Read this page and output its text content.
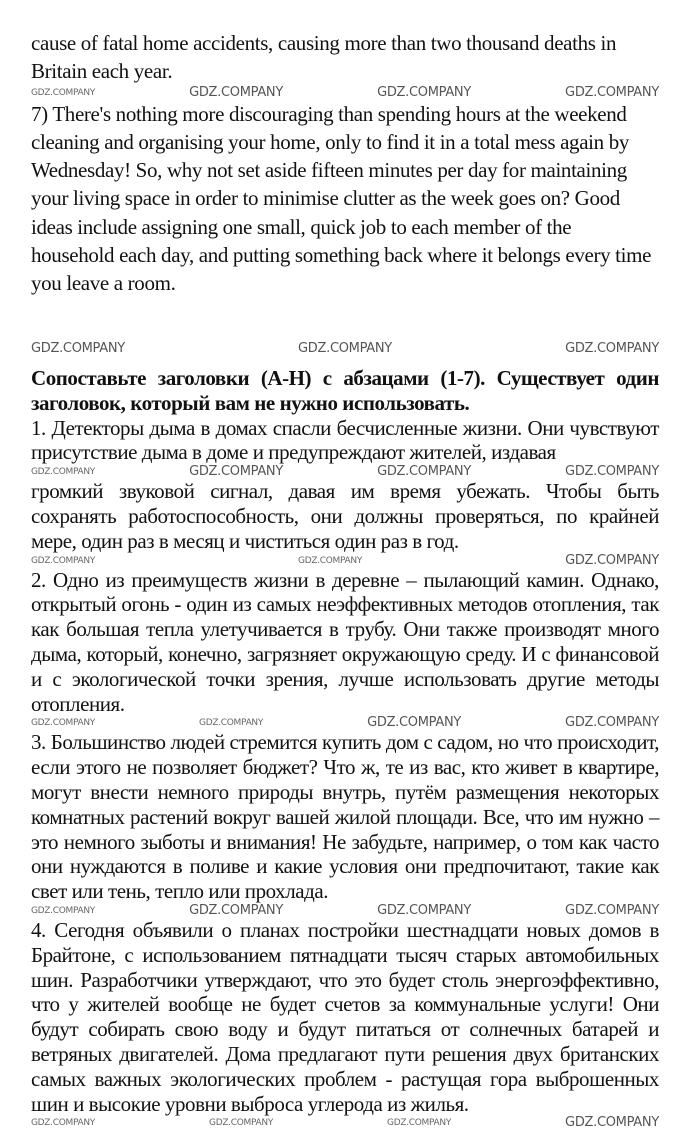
cause of fatal home accidents, causing more than two thousand deaths in Britain each year.

GDZ.COMPANY	GDZ.COMPANY	GDZ.COMPANY	GDZ.COMPANY

7) There's nothing more discouraging than spending hours at the weekend cleaning and organising your home, only to find it in a total mess again by Wednesday! So, why not set aside fifteen minutes per day for maintaining your living space in order to minimise clutter as the week goes on? Good ideas include assigning one small, quick job to each member of the household each day, and putting something back where it belongs every time you leave a room.

GDZ.COMPANY	GDZ.COMPANY	GDZ.COMPANY
Сопоставьте заголовки (A-H) с абзацами (1-7). Существует один заголовок, который вам не нужно использовать.

1. Детекторы дыма в домах спасли бесчисленные жизни. Они чувствуют присутствие дыма в доме и предупреждают жителей, издавая

GDZ.COMPANY	GDZ.COMPANY	GDZ.COMPANY	GDZ.COMPANY

громкий звуковой сигнал, давая им время убежать. Чтобы быть сохранять работоспособность, они должны проверяться, по крайней мере, один раз в месяц и чиститься один раз в год.

GDZ.COMPANY	GDZ.COMPANY	GDZ.COMPANY

2. Одно из преимуществ жизни в деревне – пылающий камин. Однако, открытый огонь - один из самых неэффективных методов отопления, так как большая тепла улетучивается в трубу. Они также производят много дыма, который, конечно, загрязняет окружающую среду. И с финансовой и с экологической точки зрения, лучше использовать другие методы отопления.

GDZ.COMPANY	GDZ.COMPANY	GDZ.COMPANY	GDZ.COMPANY

3. Большинство людей стремится купить дом с садом, но что происходит, если этого не позволяет бюджет? Что ж, те из вас, кто живет в квартире, могут внести немного природы внутрь, путём размещения некоторых комнатных растений вокруг вашей жилой площади. Все, что им нужно – это немного зыботы и внимания! Не забудьте, например, о том как часто они нуждаются в поливе и какие условия они предпочитают, такие как свет или тень, тепло или прохлада.

GDZ.COMPANY	GDZ.COMPANY	GDZ.COMPANY	GDZ.COMPANY

4. Сегодня объявили о планах постройки шестнадцати новых домов в Брайтоне, с использованием пятнадцати тысяч старых автомобильных шин. Разработчики утверждают, что это будет столь энергоэффективно, что у жителей вообще не будет счетов за коммунальные услуги! Они будут собирать свою воду и будут питаться от солнечных батарей и ветряных двигателей. Дома предлагают пути решения двух британских самых важных экологических проблем - растущая гора выброшенных шин и высокие уровни выброса углерода из жилья.

GDZ.COMPANY	GDZ.COMPANY	GDZ.COMPANY	GDZ.COMPANY
